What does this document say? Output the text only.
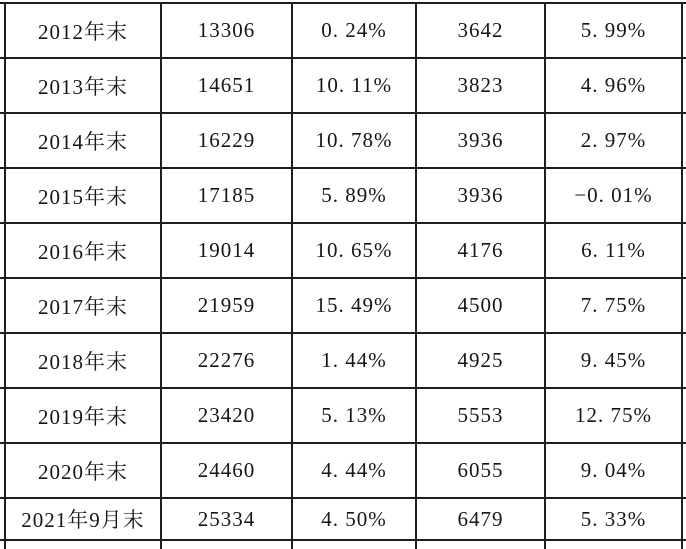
2012年末	13306	0. 24%	3642	5. 99%
2013年末	14651	10. 11%	3823	4. 96%
2014年末	16229	10. 78%	3936	2. 97%
2015年末	17185	5. 89%	3936	−0. 01%
2016年末	19014	10. 65%	4176	6. 11%
2017年末	21959	15. 49%	4500	7. 75%
2018年末	22276	1. 44%	4925	9. 45%
2019年末	23420	5. 13%	5553	12. 75%
2020年末	24460	4. 44%	6055	9. 04%
2021年9月末	25334	4. 50%	6479	5. 33%
